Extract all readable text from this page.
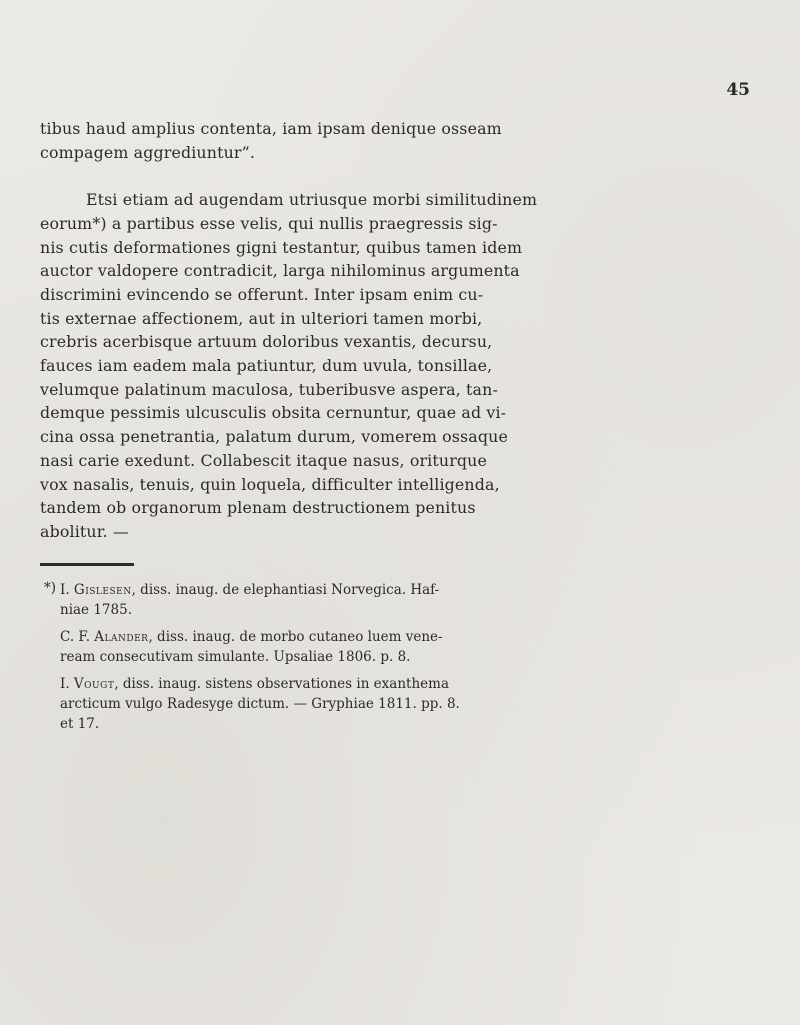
45
tibus haud amplius contenta, iam ipsam denique osseam
compagem aggrediuntur”.
Etsi etiam ad augendam utriusque morbi similitudinem
eorum*) a partibus esse velis, qui nullis praegressis sig-
nis cutis deformationes gigni testantur, quibus tamen idem
auctor valdopere contradicit, larga nihilominus argumenta
discrimini evincendo se offerunt. Inter ipsam enim cu-
tis externae affectionem, aut in ulteriori tamen morbi,
crebris acerbisque artuum doloribus vexantis, decursu,
fauces iam eadem mala patiuntur, dum uvula, tonsillae,
velumque palatinum maculosa, tuberibusve aspera, tan-
demque pessimis ulcusculis obsita cernuntur, quae ad vi-
cina ossa penetrantia, palatum durum, vomerem ossaque
nasi carie exedunt. Collabescit itaque nasus, oriturque
vox nasalis, tenuis, quin loquela, difficulter intelligenda,
tandem ob organorum plenam destructionem penitus
abolitur. —
*) I. Gislesen, diss. inaug. de elephantiasi Norvegica. Haf-
niae 1785.
C. F. Alander, diss. inaug. de morbo cutaneo luem vene-
ream consecutivam simulante. Upsaliae 1806. p. 8.
I. Vougt, diss. inaug. sistens observationes in exanthema
arcticum vulgo Radesyge dictum. — Gryphiae 1811. pp. 8.
et 17.
